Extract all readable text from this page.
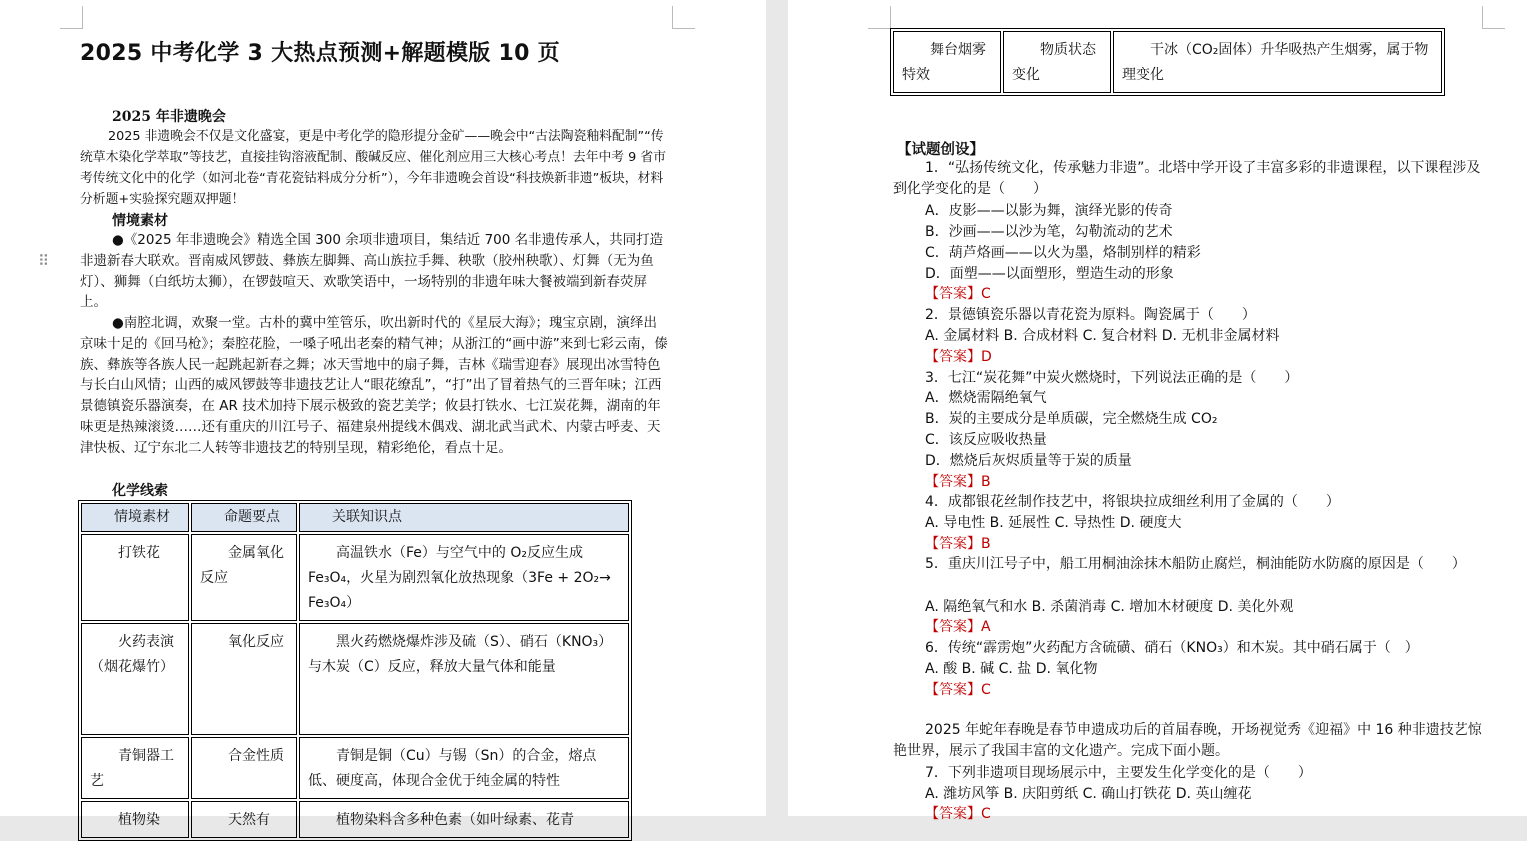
2025 中考化学 3 大热点预测+解题模版 10 页
2025 年非遗晚会
2025 非遗晚会不仅是文化盛宴，更是中考化学的隐形提分金矿——晚会中“古法陶瓷釉料配制”“传统草木染化学萃取”等技艺，直接挂钩溶液配制、酸碱反应、催化剂应用三大核心考点！去年中考 9 省市考传统文化中的化学（如河北卷“青花瓷钴料成分分析”），今年非遗晚会首设“科技焕新非遗”板块，材料分析题+实验探究题双押题！
情境素材
●《2025 年非遗晚会》精选全国 300 余项非遗项目，集结近 700 名非遗传承人，共同打造非遗新春大联欢。晋南威风锣鼓、彝族左脚舞、高山族拉手舞、秧歌（胶州秧歌）、灯舞（无为鱼灯）、狮舞（白纸坊太狮），在锣鼓喧天、欢歌笑语中，一场特别的非遗年味大餐被端到新春荧屏上。
●南腔北调，欢聚一堂。古朴的冀中笙管乐，吹出新时代的《星辰大海》；瑰宝京剧，演绎出京味十足的《回马枪》；秦腔花脸，一嗓子吼出老秦的精气神；从浙江的“画中游”来到七彩云南，傣族、彝族等各族人民一起跳起新春之舞；冰天雪地中的扇子舞，吉林《瑞雪迎春》展现出冰雪特色与长白山风情；山西的威风锣鼓等非遗技艺让人“眼花缭乱”，“打”出了冒着热气的三晋年味；江西景德镇瓷乐器演奏，在 AR 技术加持下展示极致的瓷艺美学；攸县打铁水、七江炭花舞，湖南的年味更是热辣滚烫……还有重庆的川江号子、福建泉州提线木偶戏、湖北武当武术、内蒙古呼麦、天津快板、辽宁东北二人转等非遗技艺的特别呈现，精彩绝伦，看点十足。
化学线索
情境素材	命题要点	关联知识点
打铁花	金属氧化反应	高温铁水（Fe）与空气中的 O₂反应生成 Fe₃O₄，火星为剧烈氧化放热现象（3Fe + 2O₂→ Fe₃O₄）
火药表演（烟花爆竹）	氧化反应	黑火药燃烧爆炸涉及硫（S）、硝石（KNO₃）与木炭（C）反应，释放大量气体和能量
青铜器工艺	合金性质	青铜是铜（Cu）与锡（Sn）的合金，熔点低、硬度高，体现合金优于纯金属的特性
植物染	天然有	植物染料含多种色素（如叶绿素、花青
⠿
舞台烟雾特效	物质状态变化	干冰（CO₂固体）升华吸热产生烟雾，属于物理变化
【试题创设】
1．“弘扬传统文化，传承魅力非遗”。北塔中学开设了丰富多彩的非遗课程，以下课程涉及到化学变化的是（　　）
A．皮影——以影为舞，演绎光影的传奇
B．沙画——以沙为笔，勾勒流动的艺术
C．葫芦烙画——以火为墨，烙制别样的精彩
D．面塑——以面塑形，塑造生动的形象
【答案】C
2．景德镇瓷乐器以青花瓷为原料。陶瓷属于（　　）
A. 金属材料 B. 合成材料 C. 复合材料 D. 无机非金属材料
【答案】D
3．七江“炭花舞”中炭火燃烧时，下列说法正确的是（　　）
A．燃烧需隔绝氧气
B．炭的主要成分是单质碳，完全燃烧生成 CO₂
C．该反应吸收热量
D．燃烧后灰烬质量等于炭的质量
【答案】B
4．成都银花丝制作技艺中，将银块拉成细丝利用了金属的（　　）
A. 导电性 B. 延展性 C. 导热性 D. 硬度大
【答案】B
5．重庆川江号子中，船工用桐油涂抹木船防止腐烂，桐油能防水防腐的原因是（　　）
A. 隔绝氧气和水 B. 杀菌消毒 C. 增加木材硬度 D. 美化外观
【答案】A
6．传统“霹雳炮”火药配方含硫磺、硝石（KNO₃）和木炭。其中硝石属于（　）
A. 酸 B. 碱 C. 盐 D. 氧化物
【答案】C
2025 年蛇年春晚是春节申遗成功后的首届春晚，开场视觉秀《迎福》中 16 种非遗技艺惊艳世界，展示了我国丰富的文化遗产。完成下面小题。
7．下列非遗项目现场展示中，主要发生化学变化的是（　　）
A. 潍坊风筝 B. 庆阳剪纸 C. 确山打铁花 D. 英山缠花
【答案】C
